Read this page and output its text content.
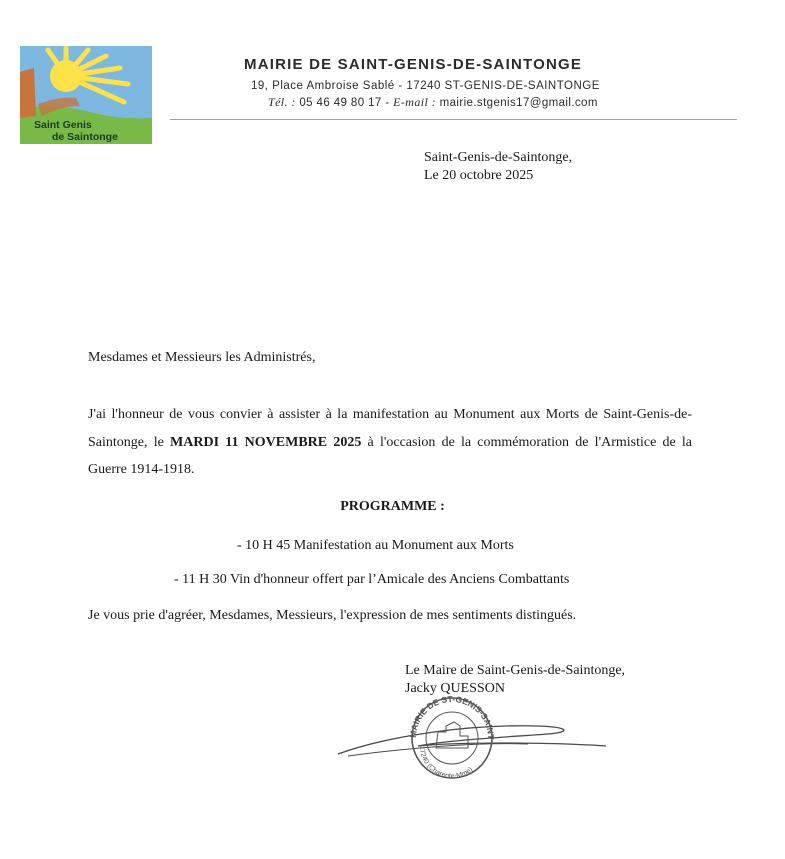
Saint Genis
de Saintonge
MAIRIE DE SAINT-GENIS-DE-SAINTONGE
19, Place Ambroise Sablé - 17240 ST-GENIS-DE-SAINTONGE
Tél. : 05 46 49 80 17 - E-mail : mairie.stgenis17@gmail.com
Saint-Genis-de-Saintonge,
Le 20 octobre 2025
Mesdames et Messieurs les Administrés,
J'ai l'honneur de vous convier à assister à la manifestation au Monument aux Morts de Saint-Genis-de-Saintonge, le MARDI 11 NOVEMBRE 2025 à l'occasion de la commémoration de l'Armistice de la Guerre 1914-1918.
PROGRAMME :
- 10 H 45 Manifestation au Monument aux Morts
- 11 H 30 Vin d'honneur offert par l’Amicale des Anciens Combattants
Je vous prie d'agréer, Mesdames, Messieurs, l'expression de mes sentiments distingués.
Le Maire de Saint-Genis-de-Saintonge,
Jacky QUESSON
MAIRIE DE ST-GENIS-SAINT
17240 (Charente-Mme)
